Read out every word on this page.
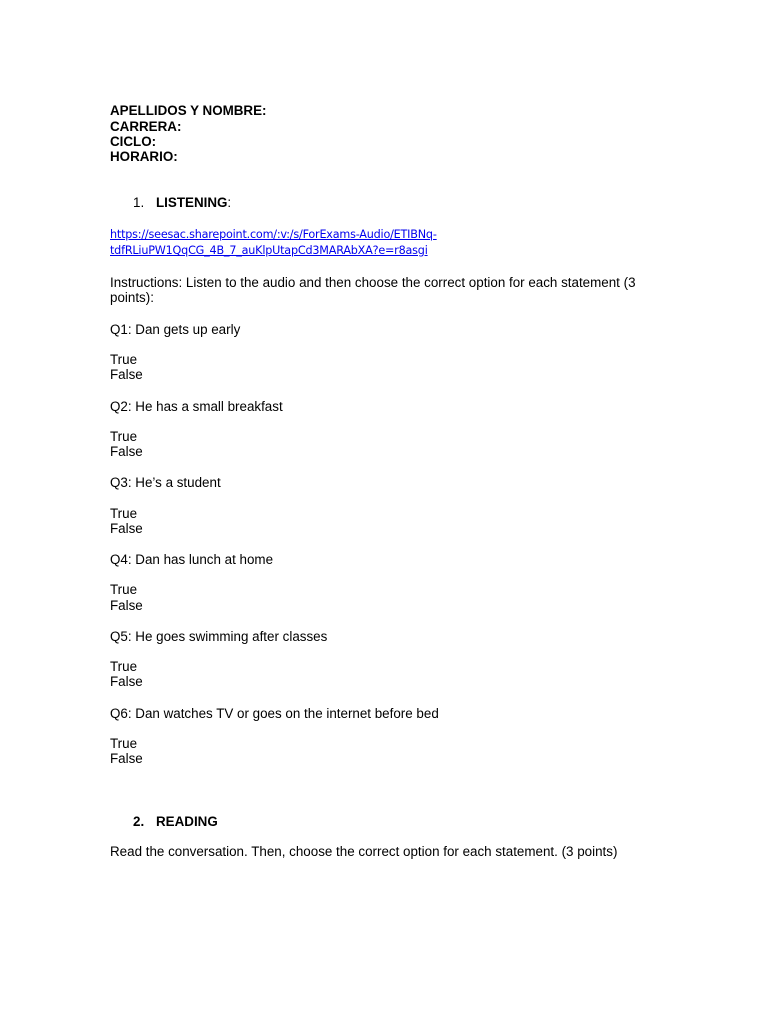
APELLIDOS Y NOMBRE:
CARRERA:
CICLO:
HORARIO:
1. LISTENING:
https://seesac.sharepoint.com/:v:/s/ForExams-Audio/ETIBNq-
tdfRLiuPW1QqCG_4B_7_auKlpUtapCd3MARAbXA?e=r8asgi
Instructions: Listen to the audio and then choose the correct option for each statement (3 points):
Q1: Dan gets up early
True
False
Q2: He has a small breakfast
True
False
Q3: He’s a student
True
False
Q4: Dan has lunch at home
True
False
Q5: He goes swimming after classes
True
False
Q6: Dan watches TV or goes on the internet before bed
True
False
2. READING
Read the conversation. Then, choose the correct option for each statement. (3 points)
